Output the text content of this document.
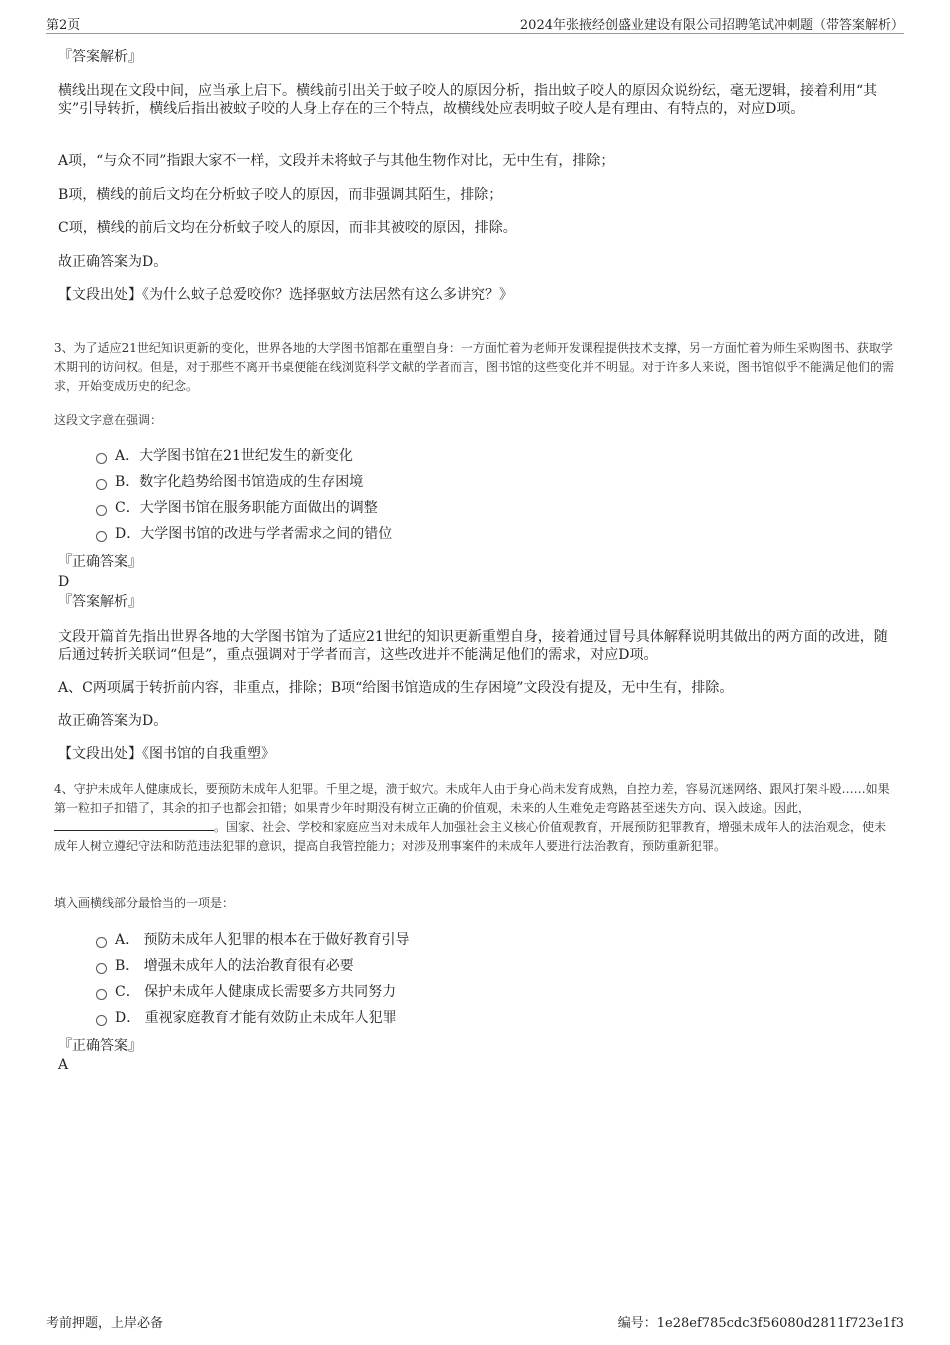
第2页	2024年张掖经创盛业建设有限公司招聘笔试冲刺题（带答案解析）
『答案解析』
横线出现在文段中间，应当承上启下。横线前引出关于蚊子咬人的原因分析，指出蚊子咬人的原因众说纷纭，毫无逻辑，接着利用“其实”引导转折，横线后指出被蚊子咬的人身上存在的三个特点，故横线处应表明蚊子咬人是有理由、有特点的，对应D项。
A项，“与众不同”指跟大家不一样，文段并未将蚊子与其他生物作对比，无中生有，排除；
B项，横线的前后文均在分析蚊子咬人的原因，而非强调其陌生，排除；
C项，横线的前后文均在分析蚊子咬人的原因，而非其被咬的原因，排除。
故正确答案为D。
【文段出处】《为什么蚊子总爱咬你？选择驱蚊方法居然有这么多讲究？》
3、为了适应21世纪知识更新的变化，世界各地的大学图书馆都在重塑自身：一方面忙着为老师开发课程提供技术支撑，另一方面忙着为师生采购图书、获取学术期刊的访问权。但是，对于那些不离开书桌便能在线浏览科学文献的学者而言，图书馆的这些变化并不明显。对于许多人来说，图书馆似乎不能满足他们的需求，开始变成历史的纪念。
这段文字意在强调：
A．大学图书馆在21世纪发生的新变化
B．数字化趋势给图书馆造成的生存困境
C．大学图书馆在服务职能方面做出的调整
D．大学图书馆的改进与学者需求之间的错位
『正确答案』
D
『答案解析』
文段开篇首先指出世界各地的大学图书馆为了适应21世纪的知识更新重塑自身，接着通过冒号具体解释说明其做出的两方面的改进，随后通过转折关联词“但是”，重点强调对于学者而言，这些改进并不能满足他们的需求，对应D项。
A、C两项属于转折前内容，非重点，排除；B项“给图书馆造成的生存困境”文段没有提及，无中生有，排除。
故正确答案为D。
【文段出处】《图书馆的自我重塑》
4、守护未成年人健康成长，要预防未成年人犯罪。千里之堤，溃于蚁穴。未成年人由于身心尚未发育成熟，自控力差，容易沉迷网络、跟风打架斗殴……如果第一粒扣子扣错了，其余的扣子也都会扣错；如果青少年时期没有树立正确的价值观，未来的人生难免走弯路甚至迷失方向、误入歧途。因此，。国家、社会、学校和家庭应当对未成年人加强社会主义核心价值观教育，开展预防犯罪教育，增强未成年人的法治观念，使未成年人树立遵纪守法和防范违法犯罪的意识，提高自我管控能力；对涉及刑事案件的未成年人要进行法治教育，预防重新犯罪。
填入画横线部分最恰当的一项是：
A． 预防未成年人犯罪的根本在于做好教育引导
B． 增强未成年人的法治教育很有必要
C． 保护未成年人健康成长需要多方共同努力
D． 重视家庭教育才能有效防止未成年人犯罪
『正确答案』
A
考前押题，上岸必备	编号：1e28ef785cdc3f56080d2811f723e1f3
